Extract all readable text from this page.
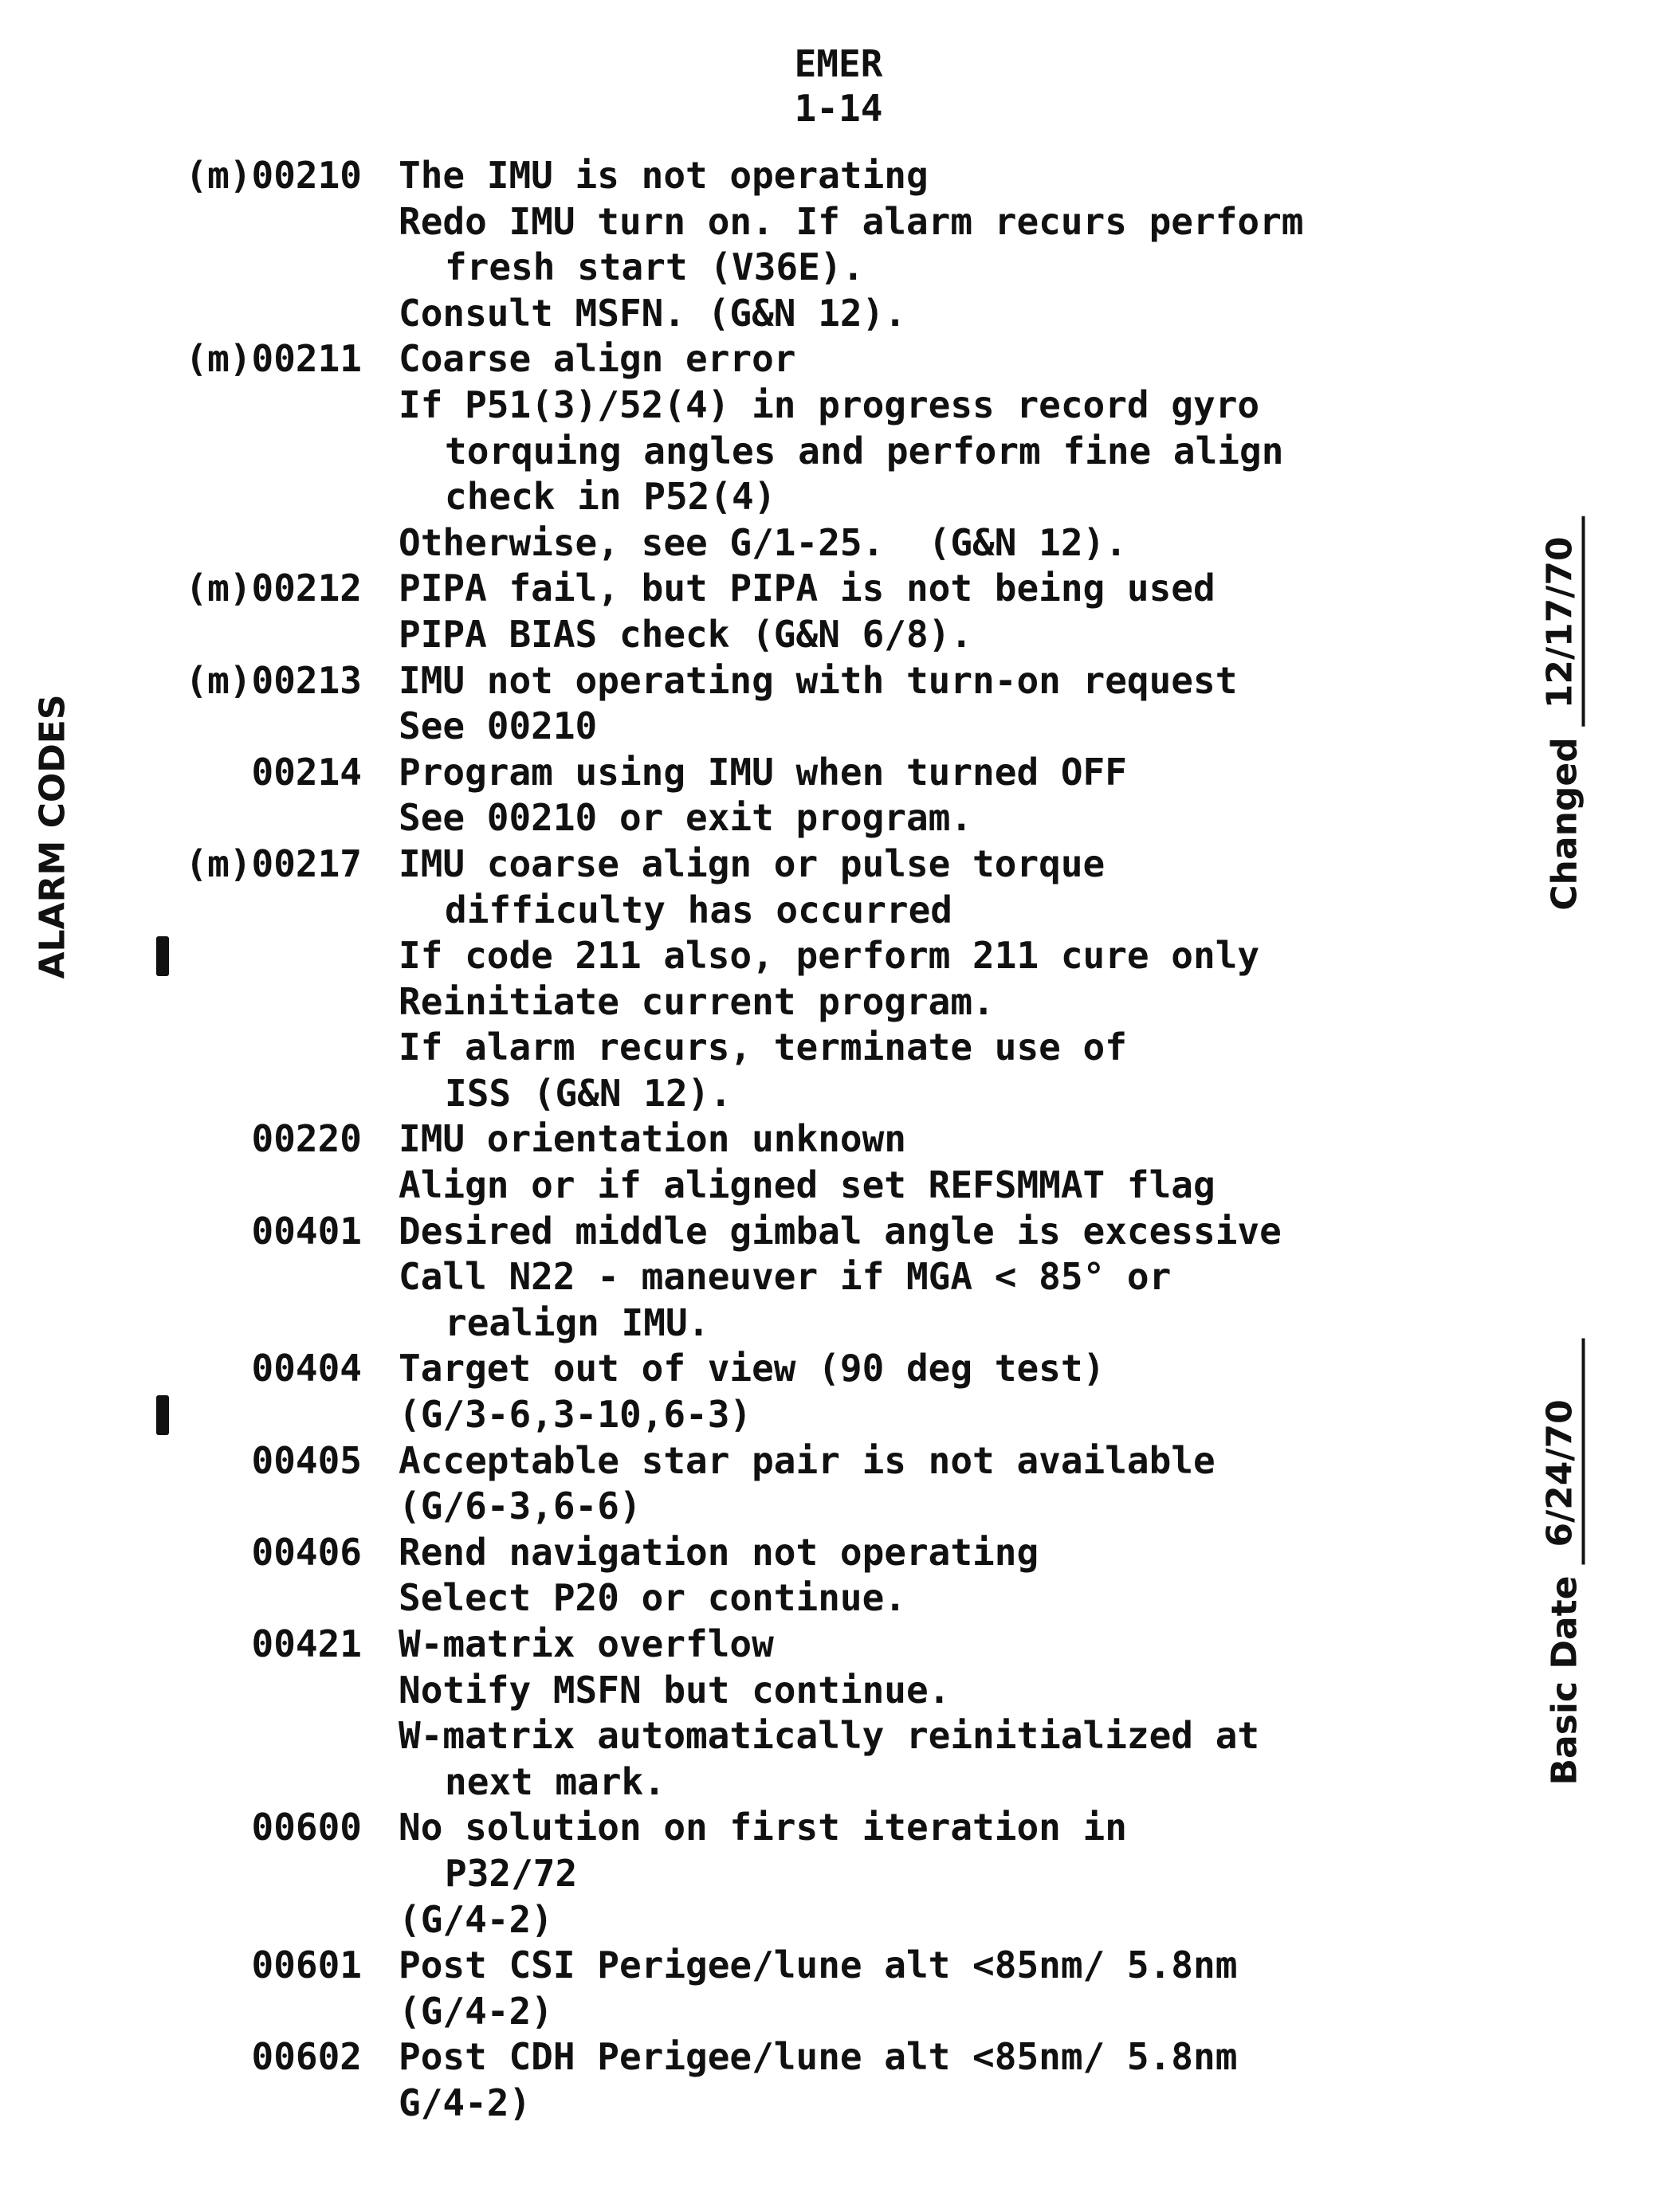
EMER
1-14
ALARM CODES	Changed
12/17/70
Basic Date
6/24/70
(m)00210 The IMU is not operating
Redo IMU turn on. If alarm recurs perform
fresh start (V36E).
Consult MSFN. (G&N 12).
(m)00211 Coarse align error
If P51(3)/52(4) in progress record gyro
torquing angles and perform fine align
check in P52(4)
Otherwise, see G/1-25.  (G&N 12).
(m)00212 PIPA fail, but PIPA is not being used
PIPA BIAS check (G&N 6/8).
(m)00213 IMU not operating with turn-on request
See 00210
00214 Program using IMU when turned OFF
See 00210 or exit program.
(m)00217 IMU coarse align or pulse torque
difficulty has occurred
If code 211 also, perform 211 cure only
Reinitiate current program.
If alarm recurs, terminate use of
ISS (G&N 12).
00220 IMU orientation unknown
Align or if aligned set REFSMMAT flag
00401 Desired middle gimbal angle is excessive
Call N22 - maneuver if MGA < 85° or
realign IMU.
00404 Target out of view (90 deg test)
(G/3-6,3-10,6-3)
00405 Acceptable star pair is not available
(G/6-3,6-6)
00406 Rend navigation not operating
Select P20 or continue.
00421 W-matrix overflow
Notify MSFN but continue.
W-matrix automatically reinitialized at
next mark.
00600 No solution on first iteration in
P32/72
(G/4-2)
00601 Post CSI Perigee/lune alt <85nm/ 5.8nm
(G/4-2)
00602 Post CDH Perigee/lune alt <85nm/ 5.8nm
G/4-2)
